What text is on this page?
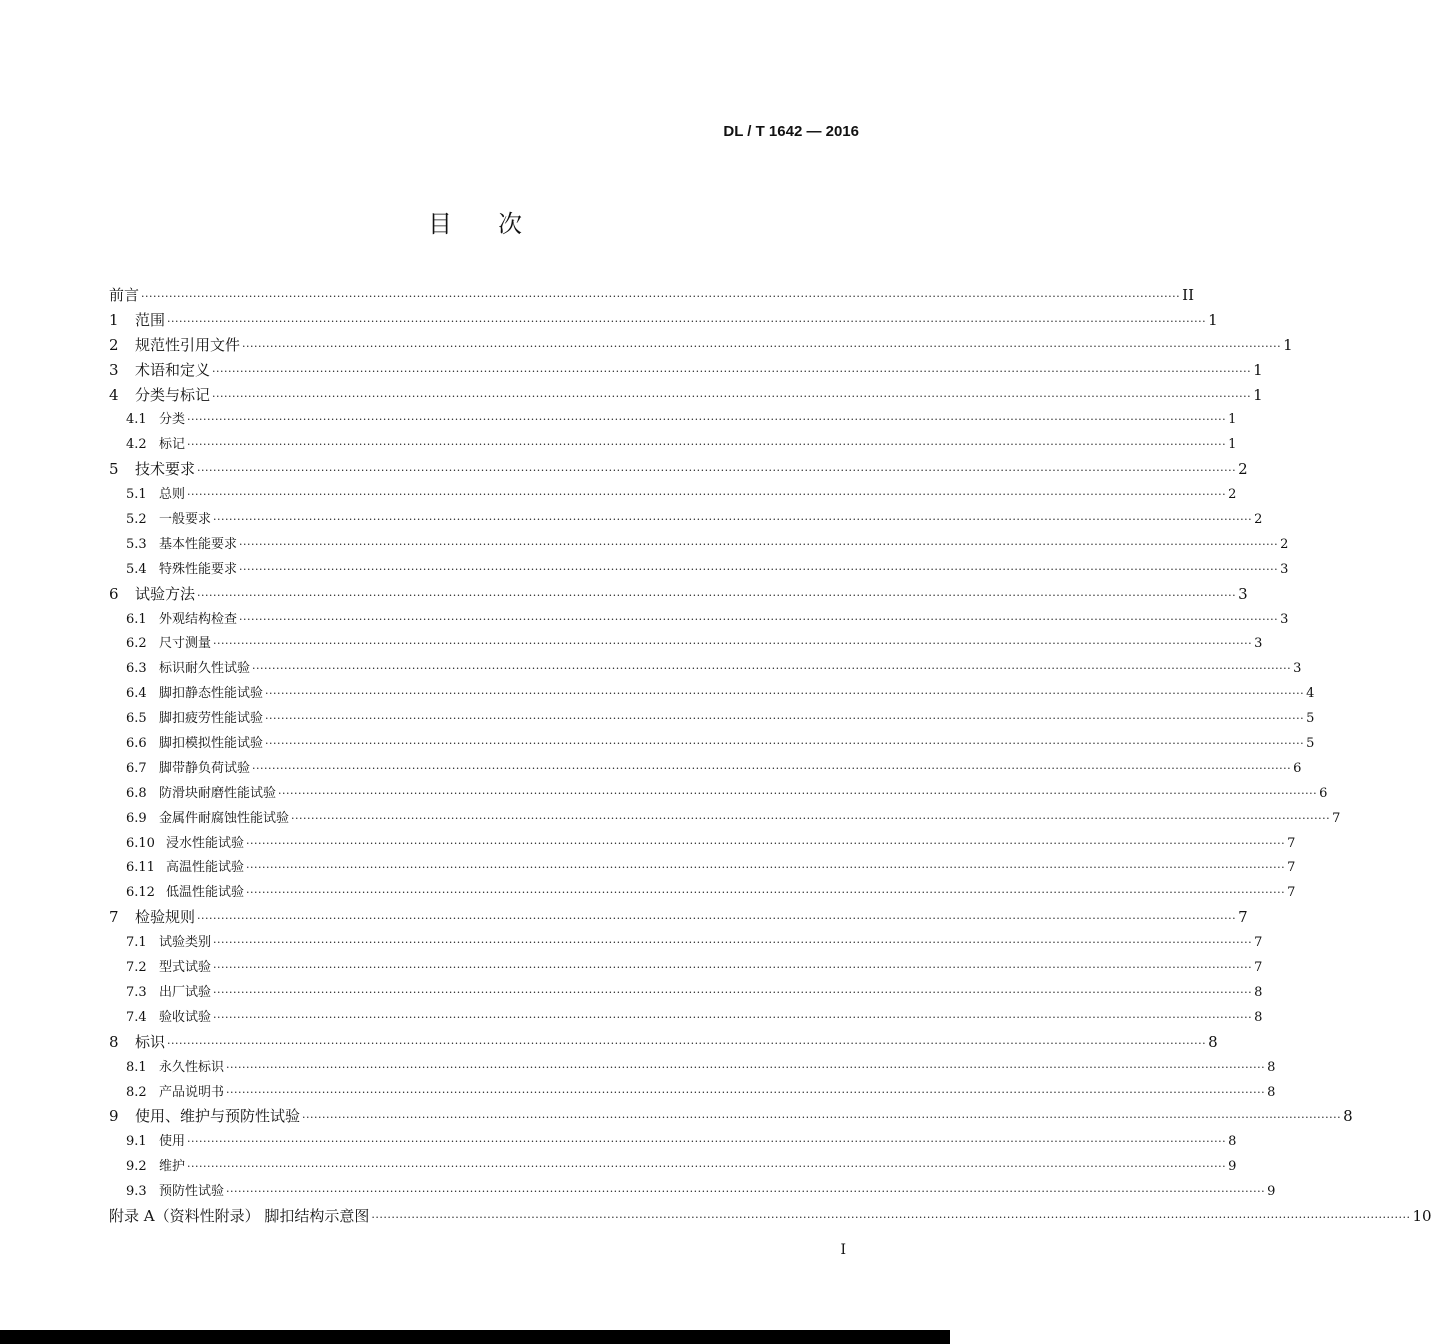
DL / T 1642 — 2016
目次
前言 ···································································································································································································································································· II
1	范围 ···································································································································································································································································· 1
2	规范性引用文件 ···································································································································································································································································· 1
3	术语和定义 ···································································································································································································································································· 1
4	分类与标记 ···································································································································································································································································· 1
4.1 分类 ···································································································································································································································································· 1
4.2 标记 ···································································································································································································································································· 1
5	技术要求 ···································································································································································································································································· 2
5.1 总则 ···································································································································································································································································· 2
5.2 一般要求 ···································································································································································································································································· 2
5.3 基本性能要求 ···································································································································································································································································· 2
5.4 特殊性能要求 ···································································································································································································································································· 3
6	试验方法 ···································································································································································································································································· 3
6.1 外观结构检查 ···································································································································································································································································· 3
6.2 尺寸测量 ···································································································································································································································································· 3
6.3 标识耐久性试验 ···································································································································································································································································· 3
6.4 脚扣静态性能试验 ···································································································································································································································································· 4
6.5 脚扣疲劳性能试验 ···································································································································································································································································· 5
6.6 脚扣模拟性能试验 ···································································································································································································································································· 5
6.7 脚带静负荷试验 ···································································································································································································································································· 6
6.8 防滑块耐磨性能试验 ···································································································································································································································································· 6
6.9 金属件耐腐蚀性能试验 ···································································································································································································································································· 7
6.10 浸水性能试验 ···································································································································································································································································· 7
6.11 高温性能试验 ···································································································································································································································································· 7
6.12 低温性能试验 ···································································································································································································································································· 7
7	检验规则 ···································································································································································································································································· 7
7.1 试验类别 ···································································································································································································································································· 7
7.2 型式试验 ···································································································································································································································································· 7
7.3 出厂试验 ···································································································································································································································································· 8
7.4 验收试验 ···································································································································································································································································· 8
8	标识 ···································································································································································································································································· 8
8.1 永久性标识 ···································································································································································································································································· 8
8.2 产品说明书 ···································································································································································································································································· 8
9	使用、维护与预防性试验 ···································································································································································································································································· 8
9.1 使用 ···································································································································································································································································· 8
9.2 维护 ···································································································································································································································································· 9
9.3 预防性试验 ···································································································································································································································································· 9
附录 A（资料性附录） 脚扣结构示意图 ···································································································································································································································································· 10
I
